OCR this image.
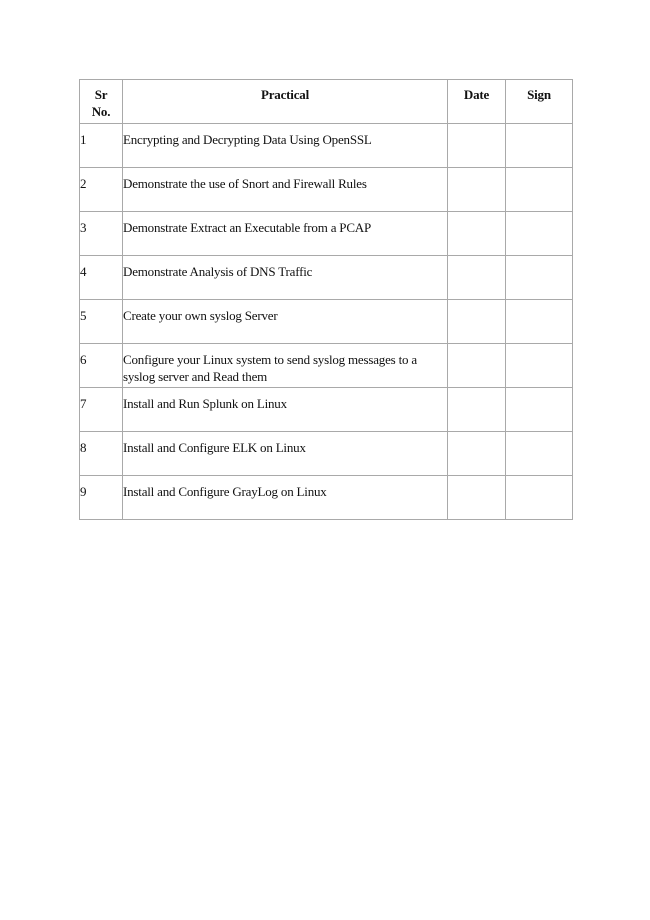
Sr
No.	Practical	Date	Sign
1	Encrypting and Decrypting Data Using OpenSSL		
2	Demonstrate the use of Snort and Firewall Rules		
3	Demonstrate Extract an Executable from a PCAP		
4	Demonstrate Analysis of DNS Traffic		
5	Create your own syslog Server		
6	Configure your Linux system to send syslog messages to a syslog server and Read them		
7	Install and Run Splunk on Linux		
8	Install and Configure ELK on Linux		
9	Install and Configure GrayLog on Linux		
